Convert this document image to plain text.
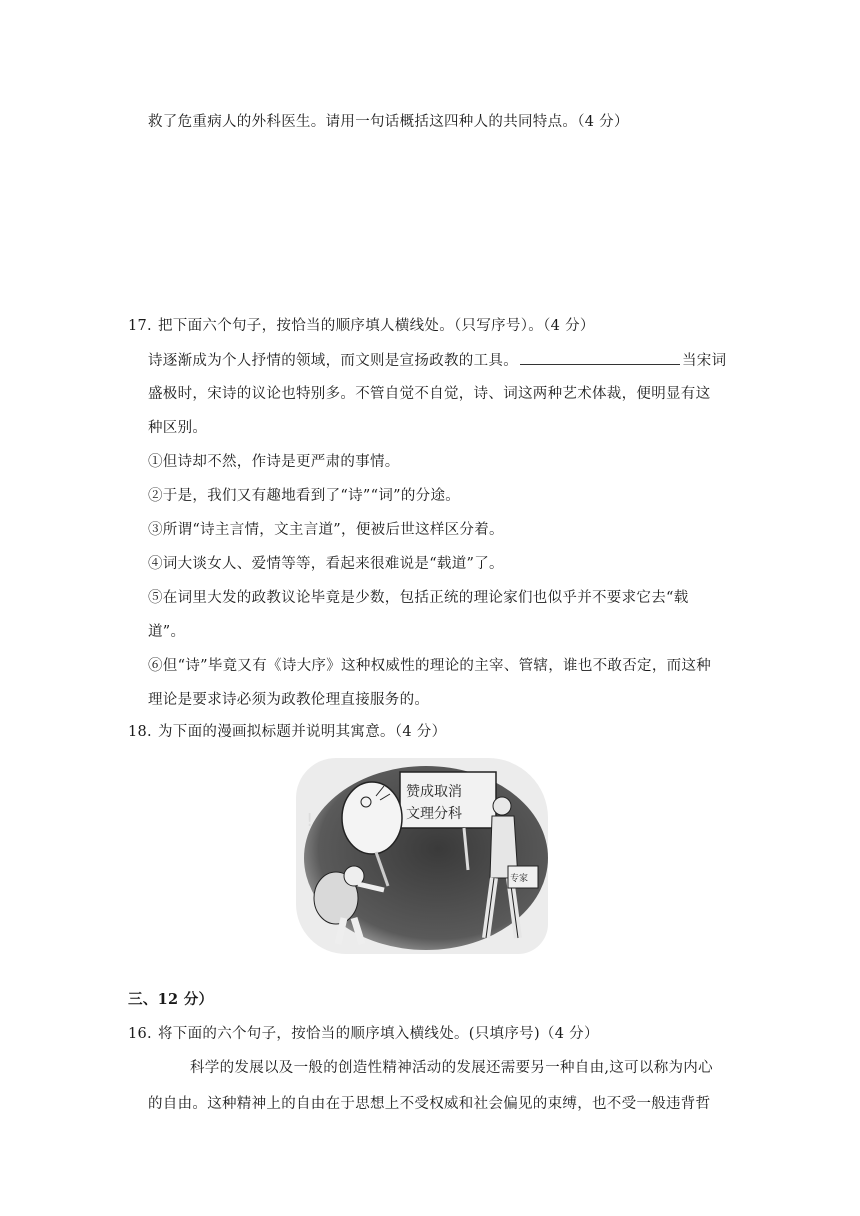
救了危重病人的外科医生。请用一句话概括这四种人的共同特点。（4 分）
17. 把下面六个句子，按恰当的顺序填人横线处。（只写序号）。（4 分）
诗逐渐成为个人抒情的领域，而文则是宣扬政教的工具。	当宋词
盛极时，宋诗的议论也特别多。不管自觉不自觉，诗、词这两种艺术体裁，便明显有这
种区别。
①但诗却不然，作诗是更严肃的事情。
②于是，我们又有趣地看到了“诗”“词”的分途。
③所谓“诗主言情，文主言道”，便被后世这样区分着。
④词大谈女人、爱情等等，看起来很难说是“载道”了。
⑤在词里大发的政教议论毕竟是少数，包括正统的理论家们也似乎并不要求它去“载
道”。
⑥但“诗”毕竟又有《诗大序》这种权威性的理论的主宰、管辖，谁也不敢否定，而这种
理论是要求诗必须为政教伦理直接服务的。
18. 为下面的漫画拟标题并说明其寓意。（4 分）
赞成取消
文理分科
专家
!
三、12 分）
16. 将下面的六个句子，按恰当的顺序填入横线处。(只填序号)（4 分）
科学的发展以及一般的创造性精神活动的发展还需要另一种自由,这可以称为内心
的自由。这种精神上的自由在于思想上不受权威和社会偏见的束缚，也不受一般违背哲
